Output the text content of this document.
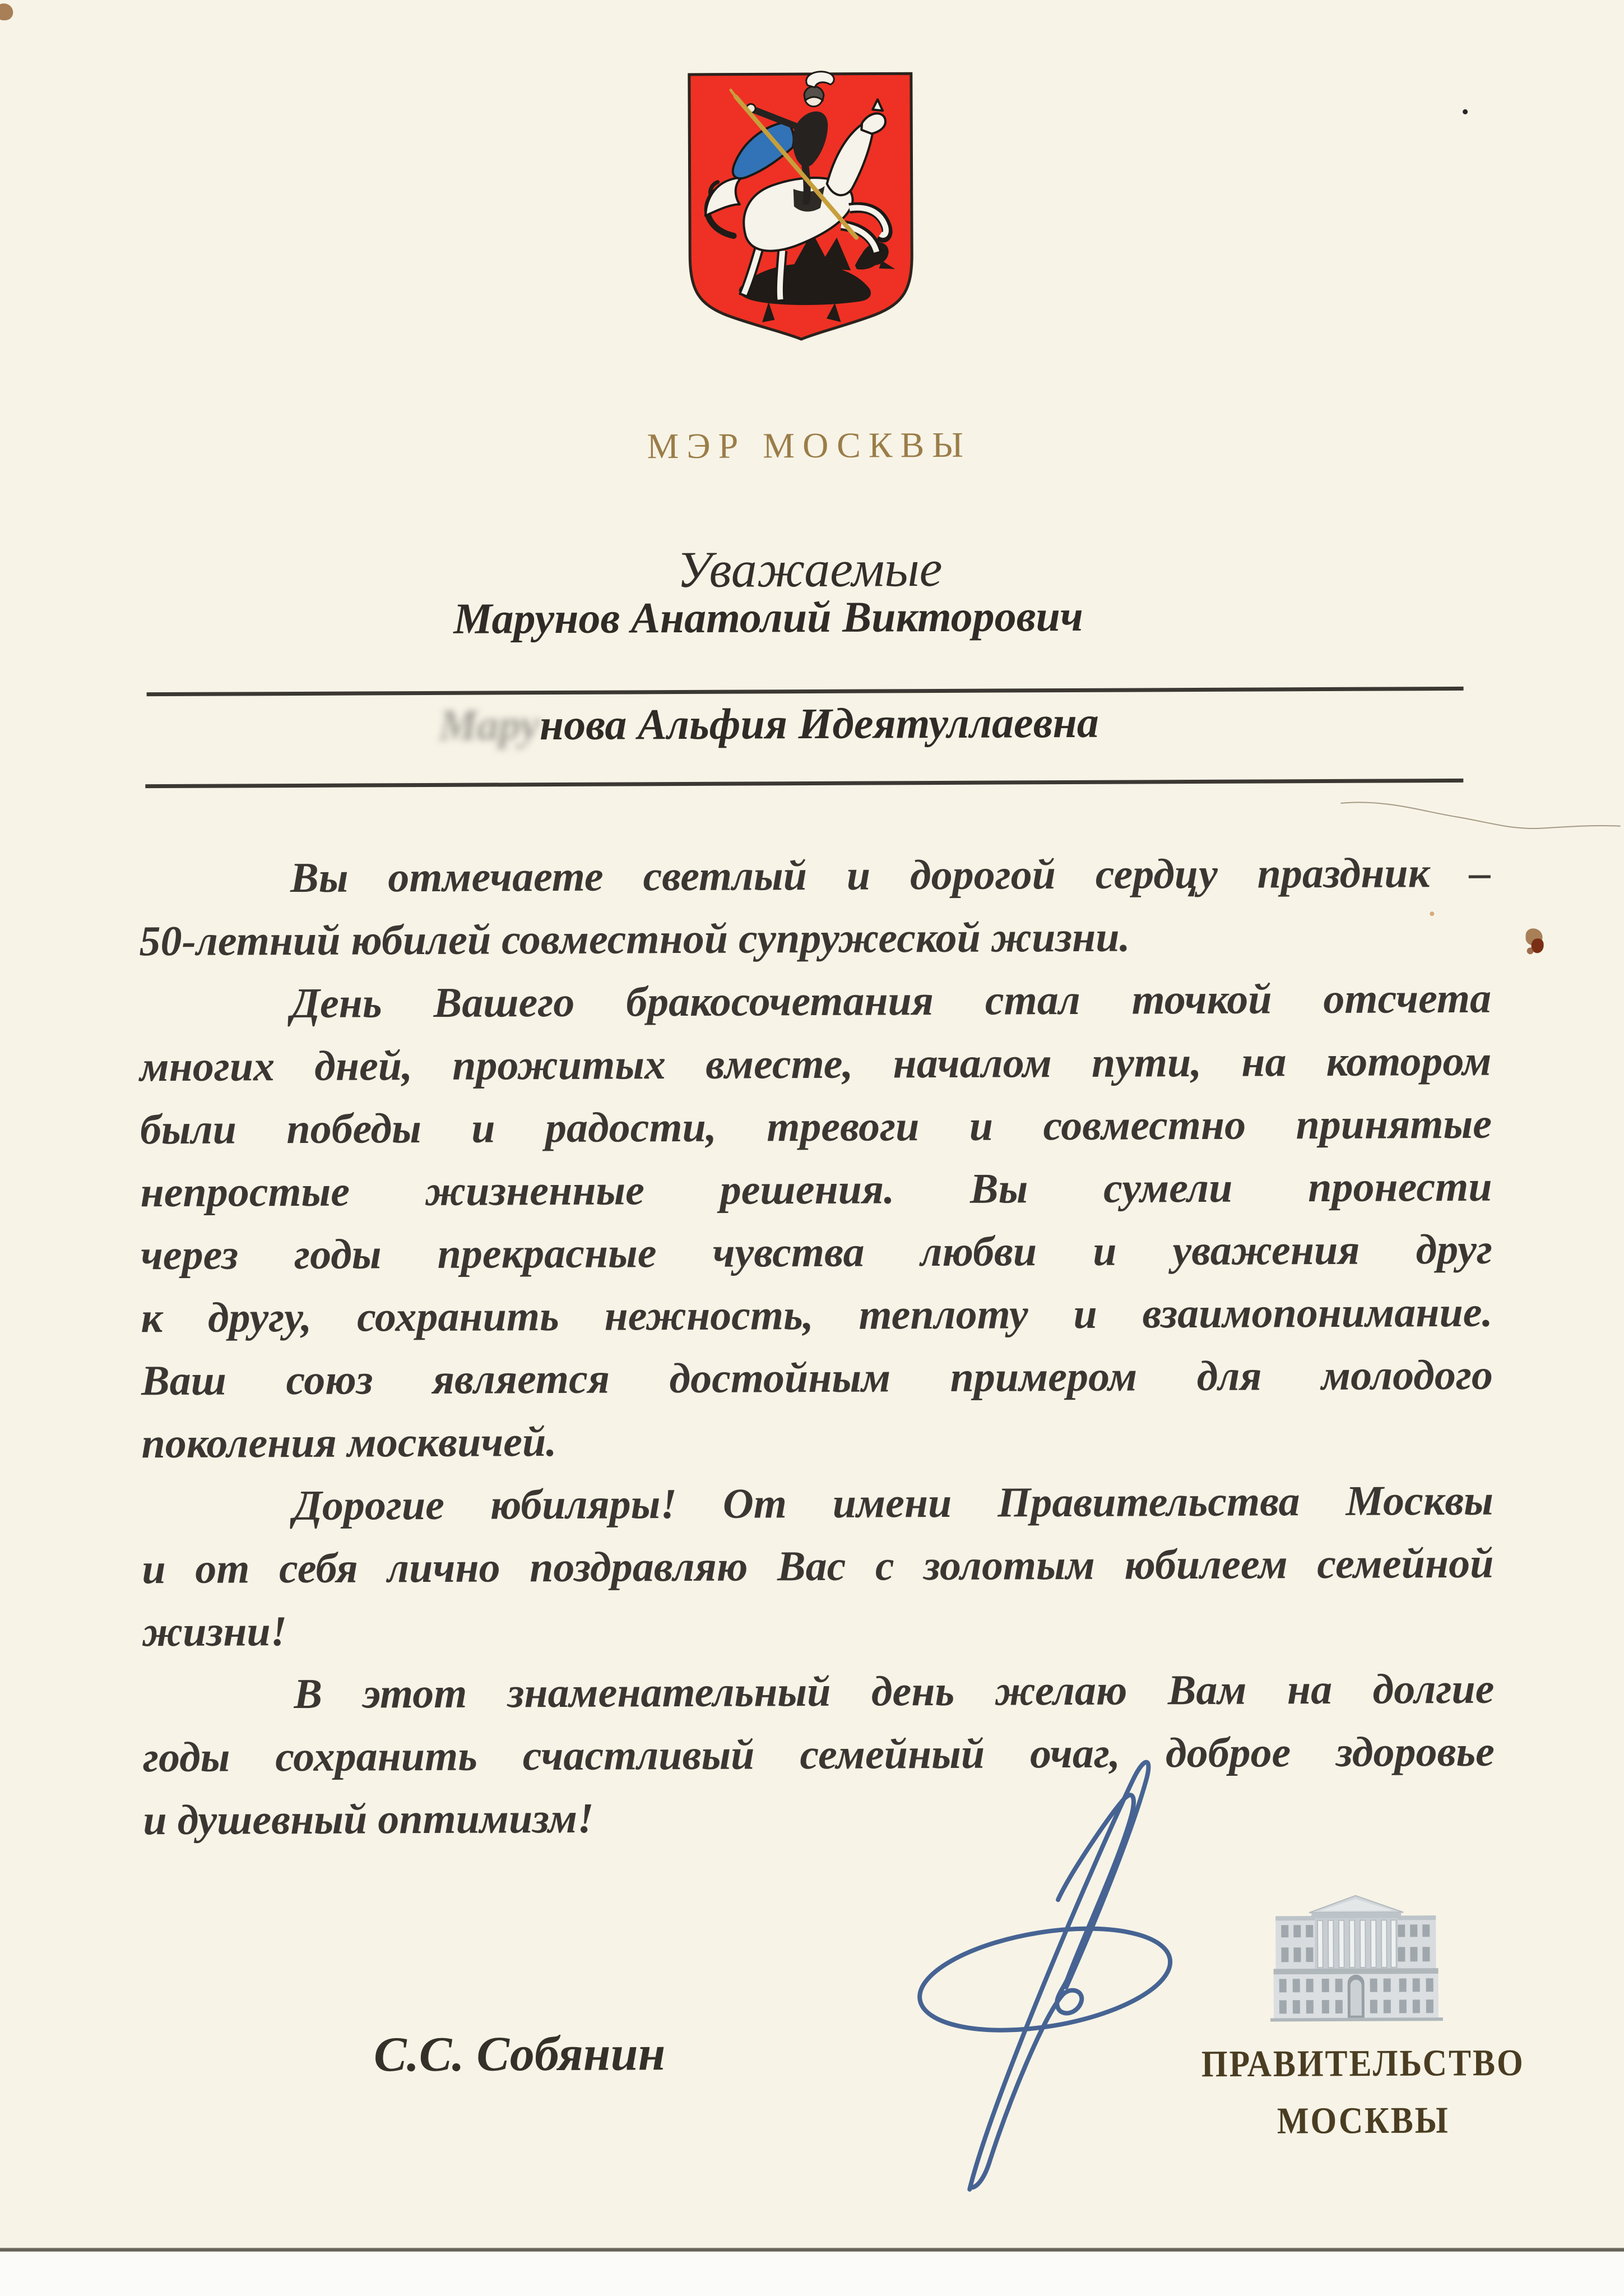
МЭР МОСКВЫ
Уважаемые
Марунов Анатолий Викторович
Марунова Альфия Идеятуллаевна
Вы отмечаете светлый и дорогой сердцу праздник –
50-летний юбилей совместной супружеской жизни.
День Вашего бракосочетания стал точкой отсчета
многих дней, прожитых вместе, началом пути, на котором
были победы и радости, тревоги и совместно принятые
непростые жизненные решения. Вы сумели пронести
через годы прекрасные чувства любви и уважения друг
к другу, сохранить нежность, теплоту и взаимопонимание.
Ваш союз является достойным примером для молодого
поколения москвичей.
Дорогие юбиляры! От имени Правительства Москвы
и от себя лично поздравляю Вас с золотым юбилеем семейной
жизни!
В этот знаменательный день желаю Вам на долгие
годы сохранить счастливый семейный очаг, доброе здоровье
и душевный оптимизм!
С.С. Собянин	ПРАВИТЕЛЬСТВО
МОСКВЫ
